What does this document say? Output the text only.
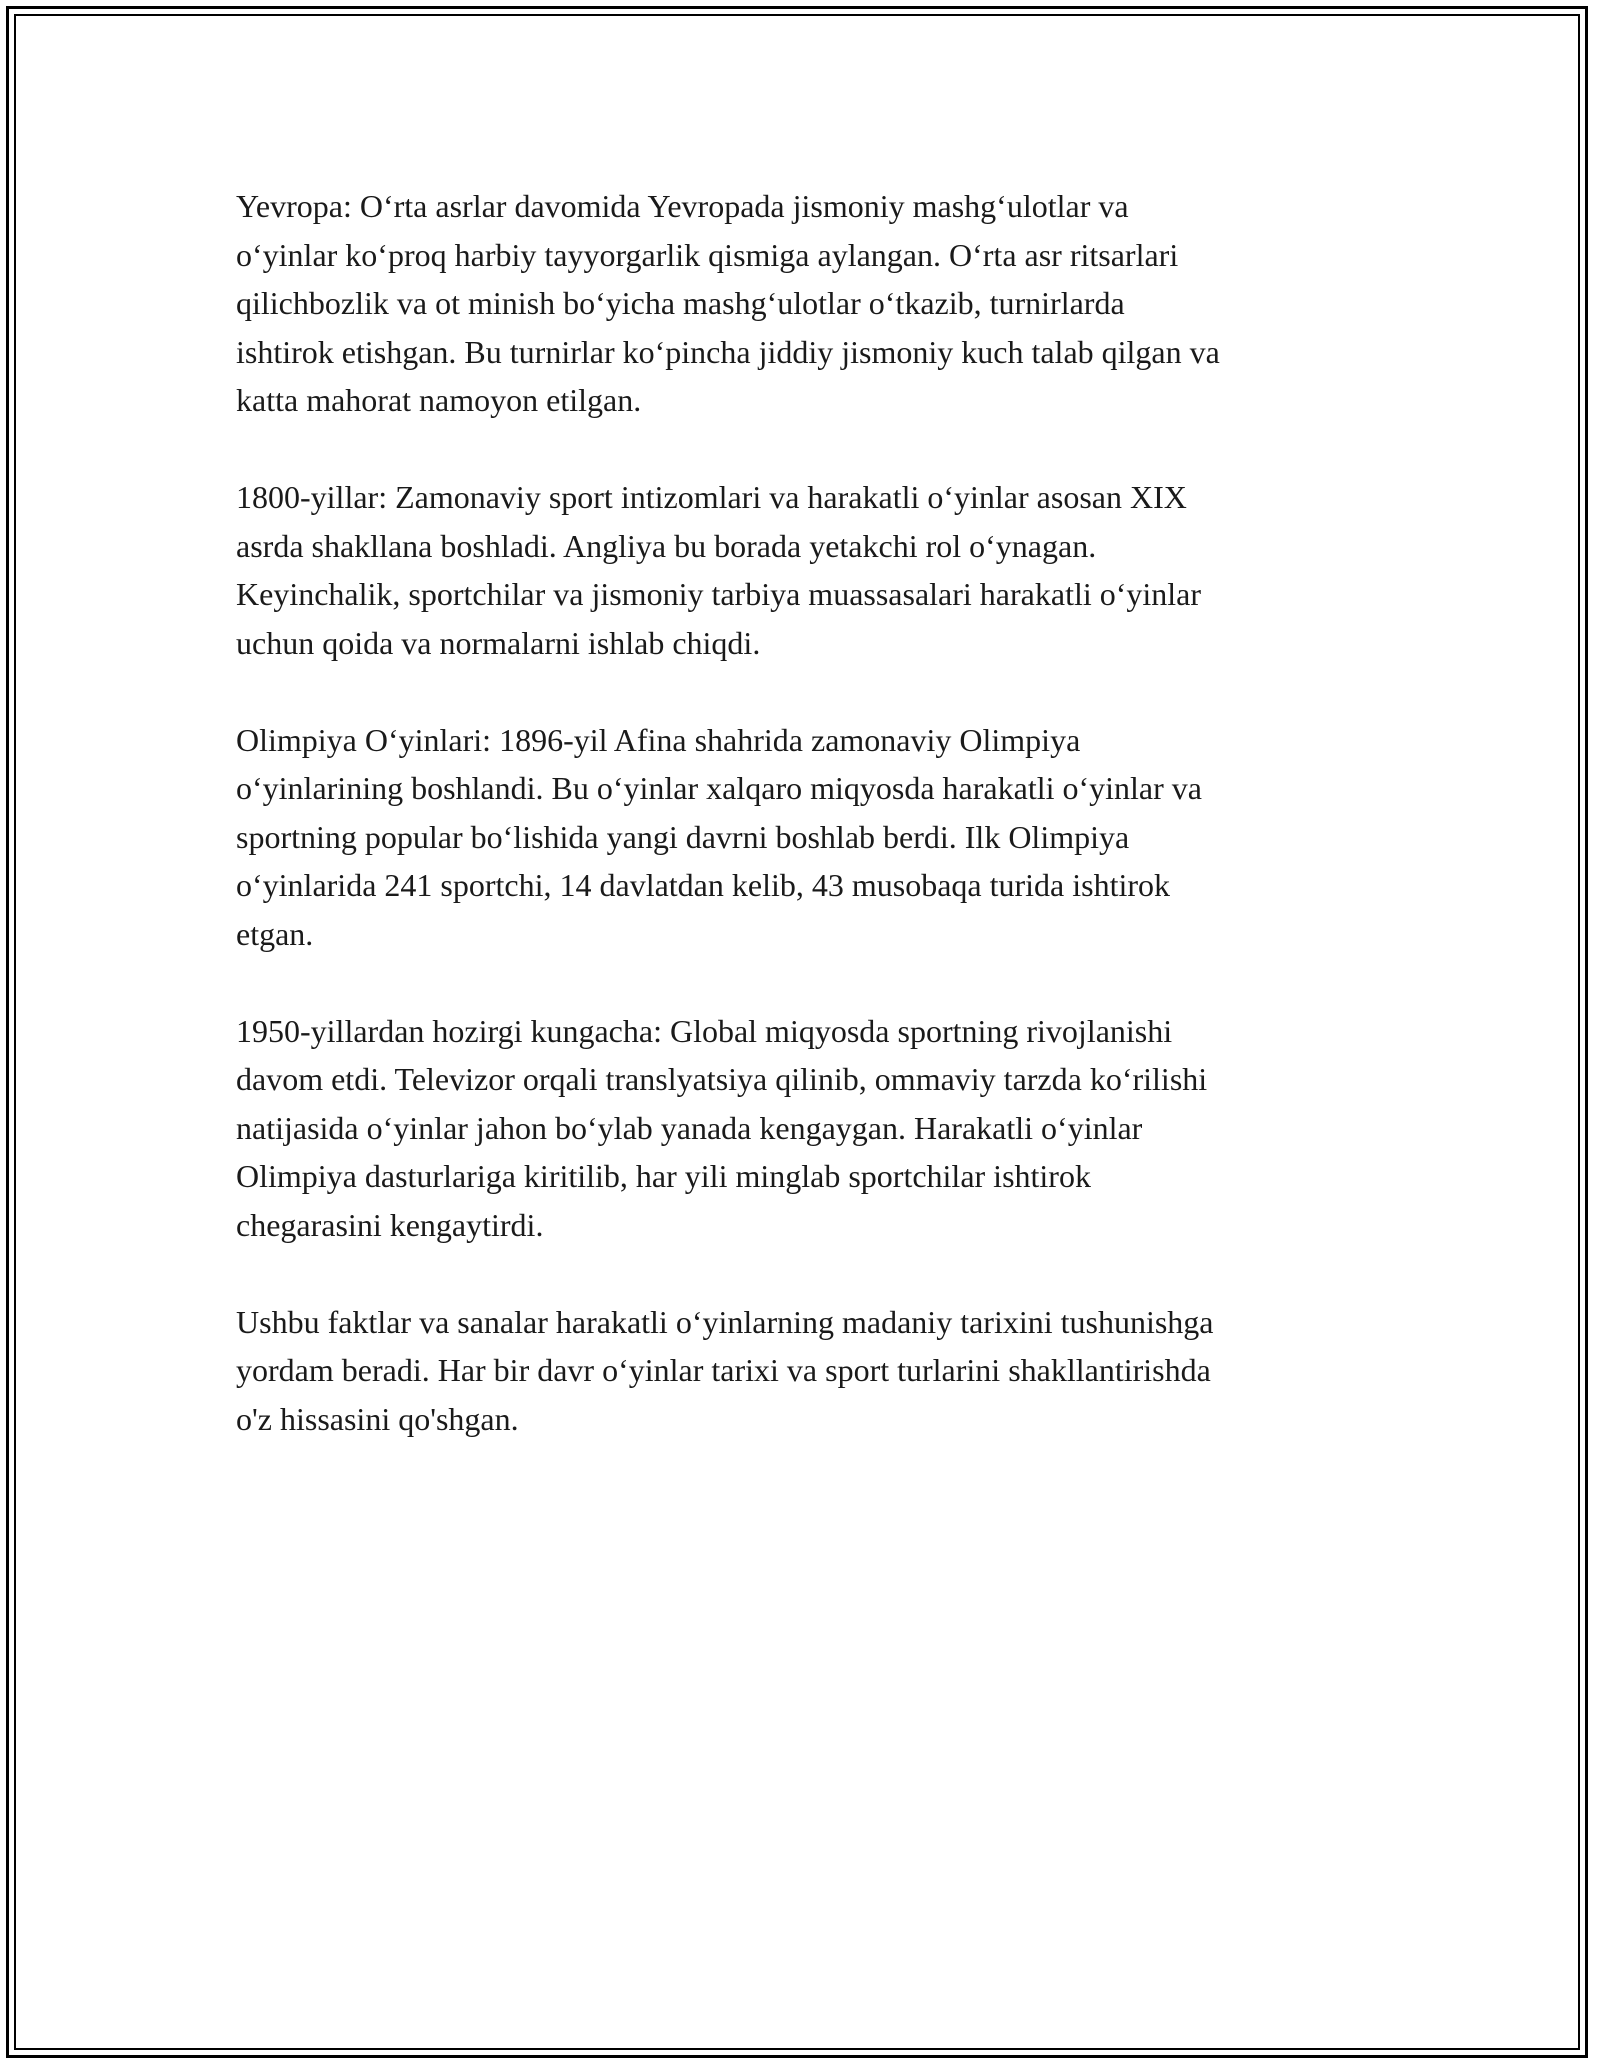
Yevropa: O‘rta asrlar davomida Yevropada jismoniy mashg‘ulotlar va
o‘yinlar ko‘proq harbiy tayyorgarlik qismiga aylangan. O‘rta asr ritsarlari
qilichbozlik va ot minish bo‘yicha mashg‘ulotlar o‘tkazib, turnirlarda
ishtirok etishgan. Bu turnirlar ko‘pincha jiddiy jismoniy kuch talab qilgan va
katta mahorat namoyon etilgan.

1800-yillar: Zamonaviy sport intizomlari va harakatli o‘yinlar asosan XIX
asrda shakllana boshladi. Angliya bu borada yetakchi rol o‘ynagan.
Keyinchalik, sportchilar va jismoniy tarbiya muassasalari harakatli o‘yinlar
uchun qoida va normalarni ishlab chiqdi.

Olimpiya O‘yinlari: 1896-yil Afina shahrida zamonaviy Olimpiya
o‘yinlarining boshlandi. Bu o‘yinlar xalqaro miqyosda harakatli o‘yinlar va
sportning popular bo‘lishida yangi davrni boshlab berdi. Ilk Olimpiya
o‘yinlarida 241 sportchi, 14 davlatdan kelib, 43 musobaqa turida ishtirok
etgan.

1950-yillardan hozirgi kungacha: Global miqyosda sportning rivojlanishi
davom etdi. Televizor orqali translyatsiya qilinib, ommaviy tarzda ko‘rilishi
natijasida o‘yinlar jahon bo‘ylab yanada kengaygan. Harakatli o‘yinlar
Olimpiya dasturlariga kiritilib, har yili minglab sportchilar ishtirok
chegarasini kengaytirdi.

Ushbu faktlar va sanalar harakatli o‘yinlarning madaniy tarixini tushunishga
yordam beradi. Har bir davr o‘yinlar tarixi va sport turlarini shakllantirishda
o'z hissasini qo'shgan.
